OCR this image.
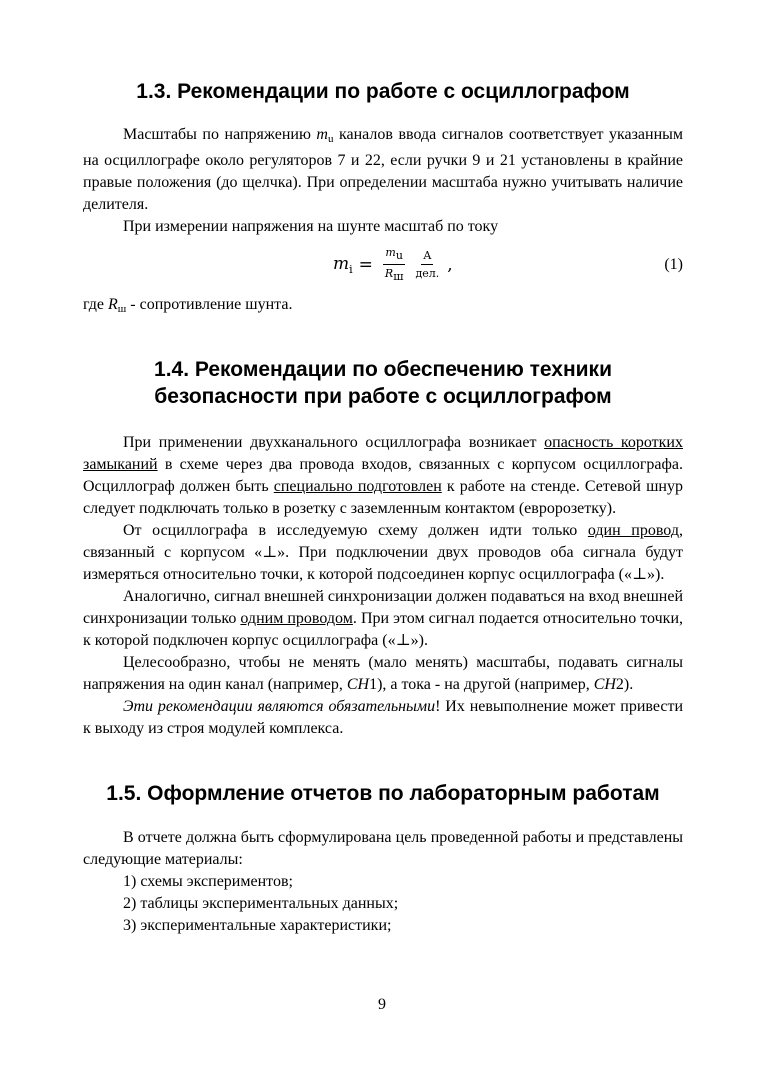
1.3. Рекомендации по работе с осциллографом

Масштабы по напряжению $m_u$ каналов ввода сигналов соответствует указанным на осциллографе около регуляторов 7 и 22, если ручки 9 и 21 установлены в крайние правые положения (до щелчка). При определении масштаба нужно учитывать наличие делителя.

При измерении напряжения на шунте масштаб по току

$m_i = \frac{mu}{Rш} \frac{A}{\text{дел.}}$ ,	(1)

где $R_ш$ - сопротивление шунта.

1.4. Рекомендации по обеспечению техники
безопасности при работе с осциллографом

При применении двухканального осциллографа возникает опасность коротких замыканий в схеме через два провода входов, связанных с корпусом осциллографа. Осциллограф должен быть специально подготовлен к работе на стенде. Сетевой шнур следует подключать только в розетку с заземленным контактом (евророзетку).

От осциллографа в исследуемую схему должен идти только один провод, связанный с корпусом «⊥». При подключении двух проводов оба сигнала будут измеряться относительно точки, к которой подсоединен корпус осциллографа («⊥»).

Аналогично, сигнал внешней синхронизации должен подаваться на вход внешней синхронизации только одним проводом. При этом сигнал подается относительно точки, к которой подключен корпус осциллографа («⊥»).

Целесообразно, чтобы не менять (мало менять) масштабы, подавать сигналы напряжения на один канал (например, CH1), а тока - на другой (например, CH2).

Эти рекомендации являются обязательными! Их невыполнение может привести к выходу из строя модулей комплекса.

1.5. Оформление отчетов по лабораторным работам

В отчете должна быть сформулирована цель проведенной работы и представлены следующие материалы:

1) схемы экспериментов;
2) таблицы экспериментальных данных;
3) экспериментальные характеристики;
9
